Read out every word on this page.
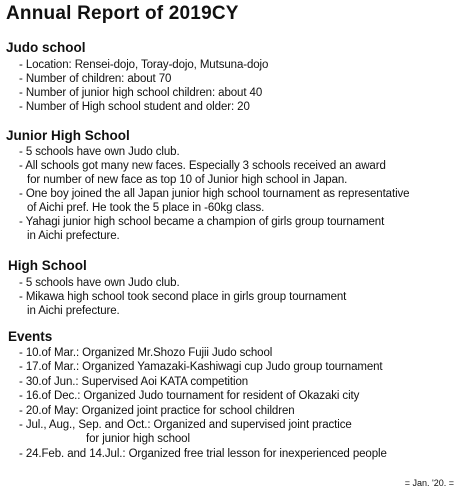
Annual Report of 2019CY
Judo school
- Location: Rensei-dojo, Toray-dojo, Mutsuna-dojo
- Number of children: about 70
- Number of junior high school children: about 40
- Number of High school student and older: 20
Junior High School
- 5 schools have own Judo club.
- All schools got many new faces. Especially 3 schools received an award
for number of new face as top 10 of Junior high school in Japan.
- One boy joined the all Japan junior high school tournament as representative
of Aichi pref. He took the 5 place in -60kg class.
- Yahagi junior high school became a champion of girls group tournament
in Aichi prefecture.
High School
- 5 schools have own Judo club.
- Mikawa high school took second place in girls group tournament
in Aichi prefecture.
Events
- 10.of Mar.: Organized Mr.Shozo Fujii Judo school
- 17.of Mar.: Organized Yamazaki-Kashiwagi cup Judo group tournament
- 30.of Jun.: Supervised Aoi KATA competition
- 16.of Dec.: Organized Judo tournament for resident of Okazaki city
- 20.of May: Organized joint practice for school children
- Jul., Aug., Sep. and Oct.: Organized and supervised joint practice
for junior high school
- 24.Feb. and 14.Jul.: Organized free trial lesson for inexperienced people
= Jan. '20. =
